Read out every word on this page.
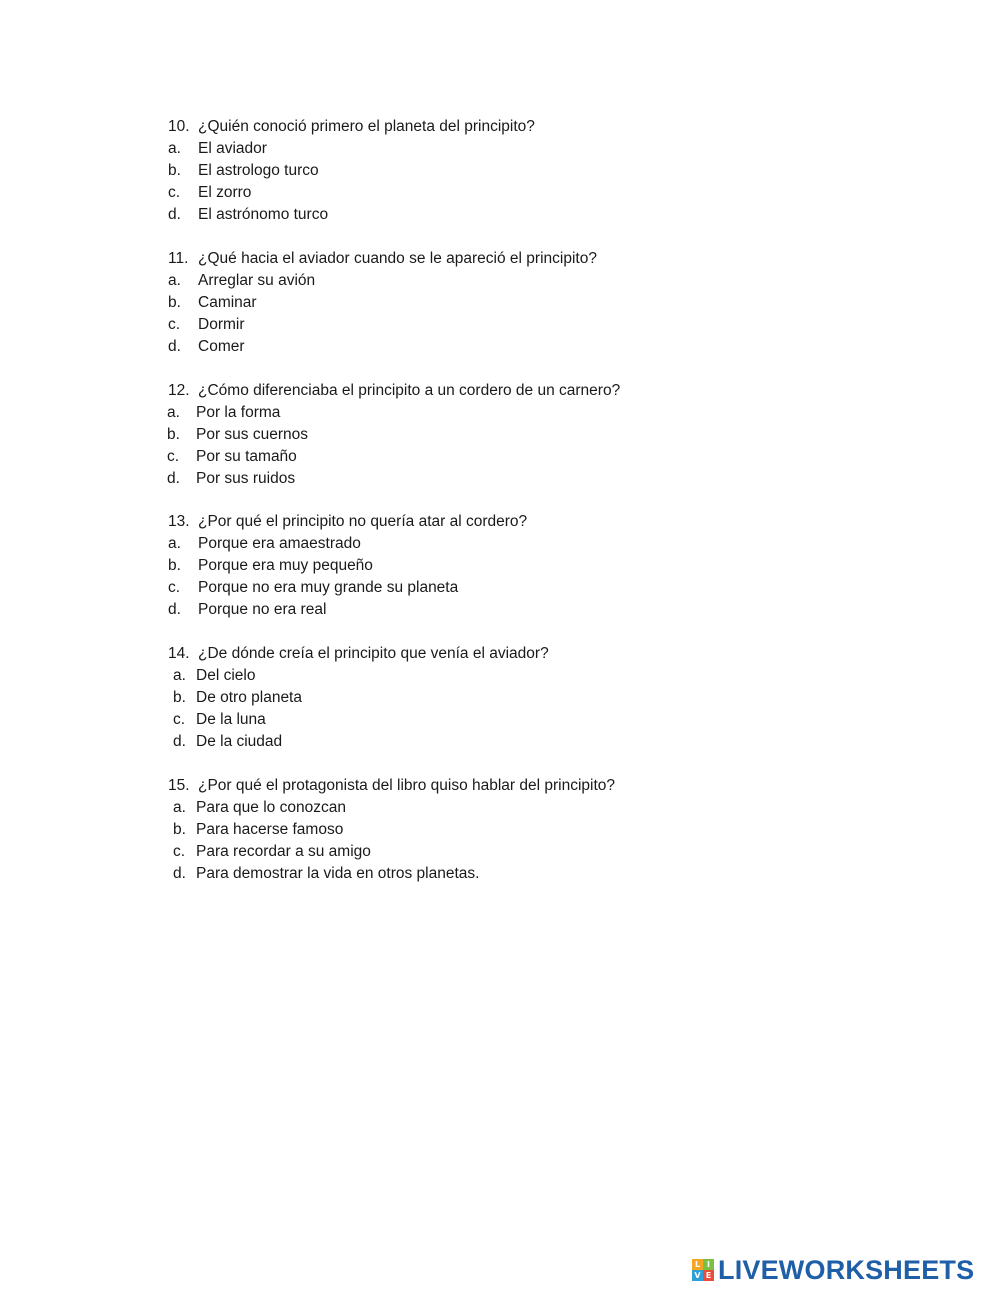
10. ¿Quién conoció primero el planeta del principito?
a. El aviador
b. El astrologo turco
c. El zorro
d. El astrónomo turco
11. ¿Qué hacia el aviador cuando se le apareció el principito?
a. Arreglar su avión
b. Caminar
c. Dormir
d. Comer
12. ¿Cómo diferenciaba el principito a un cordero de un carnero?
a. Por la forma
b. Por sus cuernos
c. Por su tamaño
d. Por sus ruidos
13. ¿Por qué el principito no quería atar al cordero?
a. Porque era amaestrado
b. Porque era muy pequeño
c. Porque no era muy grande su planeta
d. Porque no era real
14. ¿De dónde creía el principito que venía el aviador?
a. Del cielo
b. De otro planeta
c. De la luna
d. De la ciudad
15. ¿Por qué el protagonista del libro quiso hablar del principito?
a. Para que lo conozcan
b. Para hacerse famoso
c. Para recordar a su amigo
d. Para demostrar la vida en otros planetas.
L I
V E LIVEWORKSHEETS
